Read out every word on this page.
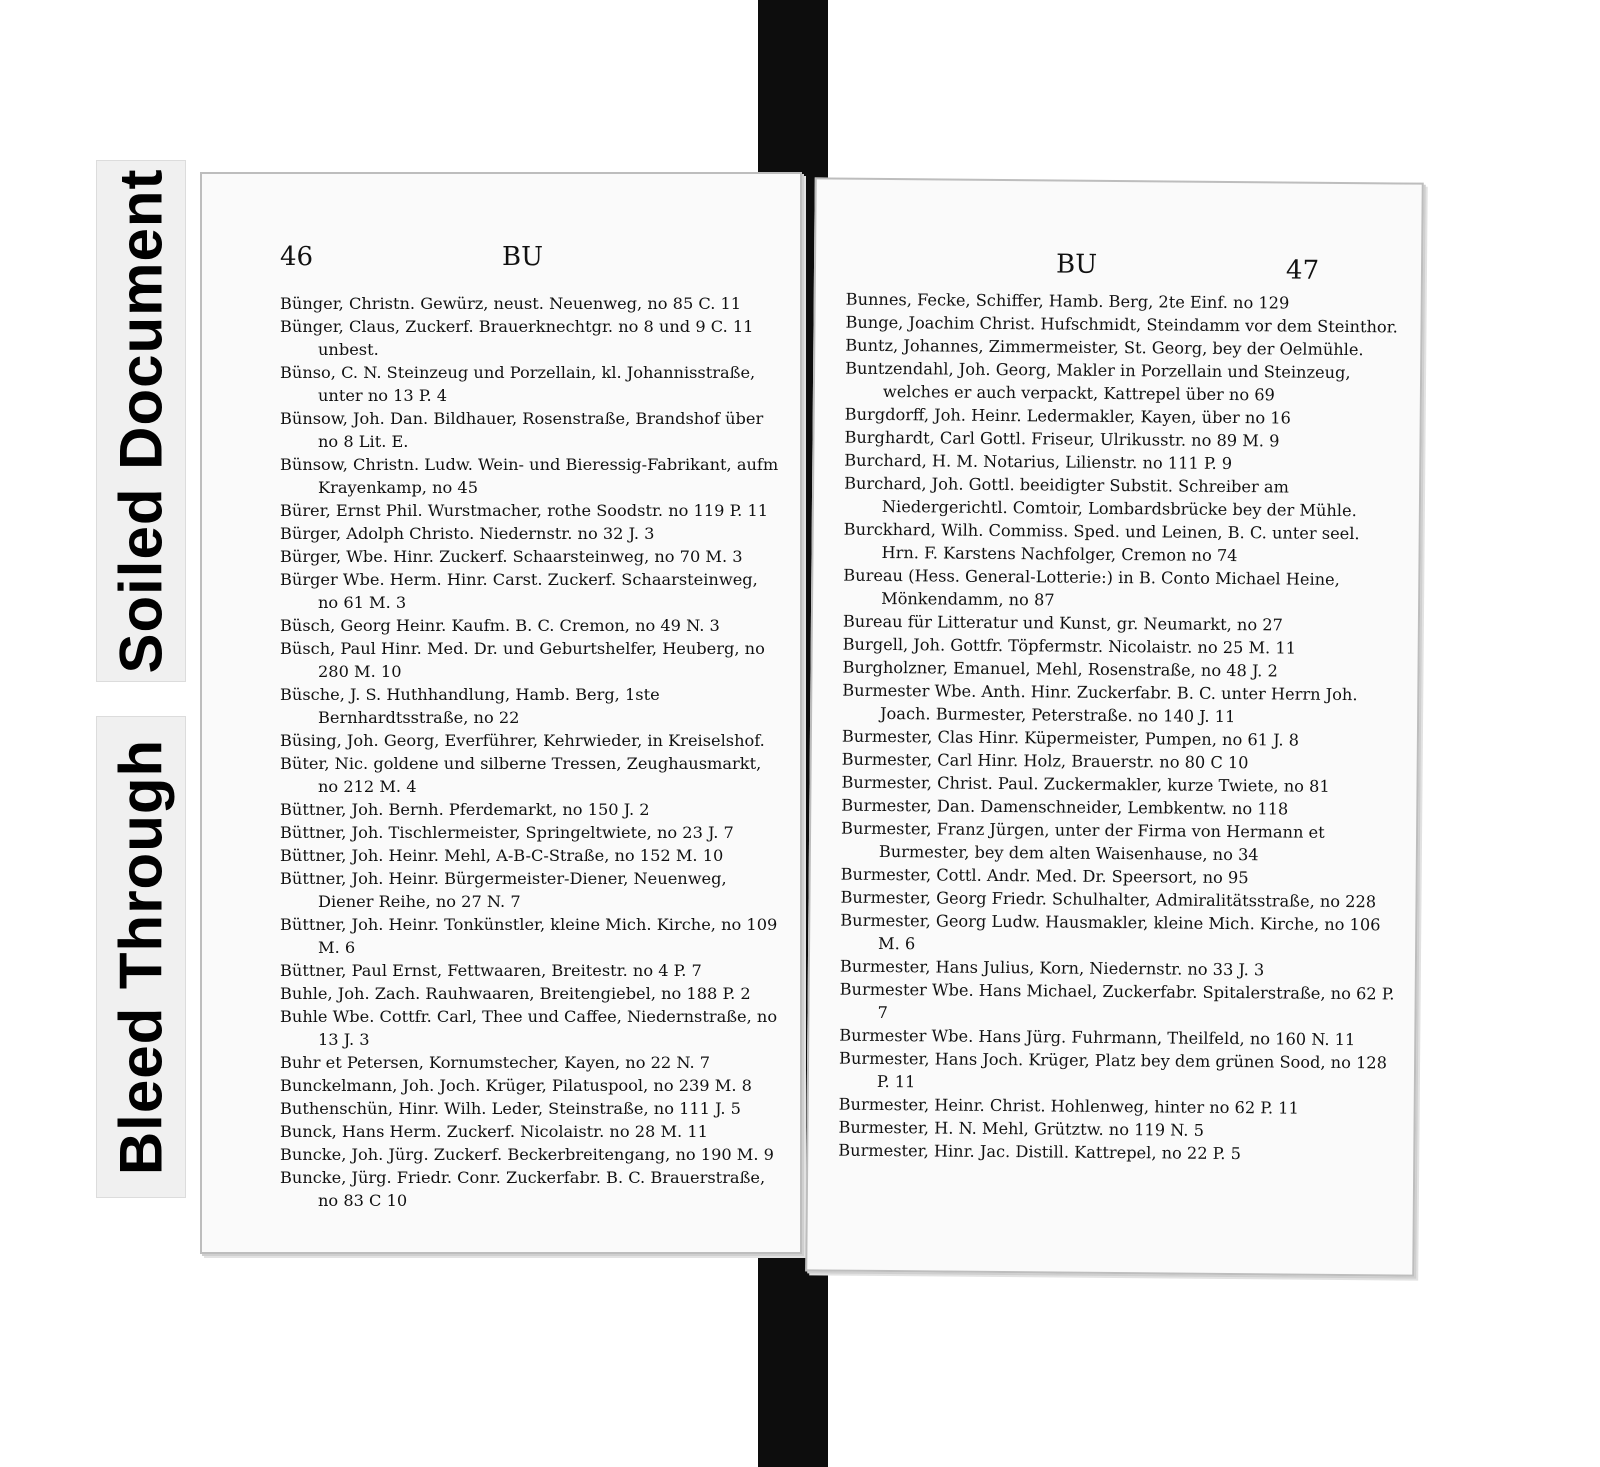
Soiled Document
Bleed Through
46	BU

Bünger, Christn. Gewürz, neust. Neuenweg, no 85 C. 11

Bünger, Claus, Zuckerf. Brauerknechtgr. no 8 und 9 C. 11 unbest.

Bünso, C. N. Steinzeug und Porzellain, kl. Johannisstraße, unter no 13 P. 4

Bünsow, Joh. Dan. Bildhauer, Rosenstraße, Brandshof über no 8 Lit. E.

Bünsow, Christn. Ludw. Wein- und Bieressig-Fabrikant, aufm Krayenkamp, no 45

Bürer, Ernst Phil. Wurstmacher, rothe Soodstr. no 119 P. 11

Bürger, Adolph Christo. Niedernstr. no 32 J. 3

Bürger, Wbe. Hinr. Zuckerf. Schaarsteinweg, no 70 M. 3

Bürger Wbe. Herm. Hinr. Carst. Zuckerf. Schaarsteinweg, no 61 M. 3

Büsch, Georg Heinr. Kaufm. B. C. Cremon, no 49 N. 3

Büsch, Paul Hinr. Med. Dr. und Geburtshelfer, Heuberg, no 280 M. 10

Büsche, J. S. Huthhandlung, Hamb. Berg, 1ste Bernhardtsstraße, no 22

Büsing, Joh. Georg, Everführer, Kehrwieder, in Kreiselshof.

Büter, Nic. goldene und silberne Tressen, Zeughausmarkt, no 212 M. 4

Büttner, Joh. Bernh. Pferdemarkt, no 150 J. 2

Büttner, Joh. Tischlermeister, Springeltwiete, no 23 J. 7

Büttner, Joh. Heinr. Mehl, A-B-C-Straße, no 152 M. 10

Büttner, Joh. Heinr. Bürgermeister-Diener, Neuenweg, Diener Reihe, no 27 N. 7

Büttner, Joh. Heinr. Tonkünstler, kleine Mich. Kirche, no 109 M. 6

Büttner, Paul Ernst, Fettwaaren, Breitestr. no 4 P. 7

Buhle, Joh. Zach. Rauhwaaren, Breitengiebel, no 188 P. 2

Buhle Wbe. Cottfr. Carl, Thee und Caffee, Niedernstraße, no 13 J. 3

Buhr et Petersen, Kornumstecher, Kayen, no 22 N. 7

Bunckelmann, Joh. Joch. Krüger, Pilatuspool, no 239 M. 8

Buthenschün, Hinr. Wilh. Leder, Steinstraße, no 111 J. 5

Bunck, Hans Herm. Zuckerf. Nicolaistr. no 28 M. 11

Buncke, Joh. Jürg. Zuckerf. Beckerbreitengang, no 190 M. 9

Buncke, Jürg. Friedr. Conr. Zuckerfabr. B. C. Brauerstraße, no 83 C 10

BU	47

Bunnes, Fecke, Schiffer, Hamb. Berg, 2te Einf. no 129

Bunge, Joachim Christ. Hufschmidt, Steindamm vor dem Steinthor.

Buntz, Johannes, Zimmermeister, St. Georg, bey der Oelmühle.

Buntzendahl, Joh. Georg, Makler in Porzellain und Steinzeug, welches er auch verpackt, Kattrepel über no 69

Burgdorff, Joh. Heinr. Ledermakler, Kayen, über no 16

Burghardt, Carl Gottl. Friseur, Ulrikusstr. no 89 M. 9

Burchard, H. M. Notarius, Lilienstr. no 111 P. 9

Burchard, Joh. Gottl. beeidigter Substit. Schreiber am Niedergerichtl. Comtoir, Lombardsbrücke bey der Mühle.

Burckhard, Wilh. Commiss. Sped. und Leinen, B. C. unter seel. Hrn. F. Karstens Nachfolger, Cremon no 74

Bureau (Hess. General-Lotterie:) in B. Conto Michael Heine, Mönkendamm, no 87

Bureau für Litteratur und Kunst, gr. Neumarkt, no 27

Burgell, Joh. Gottfr. Töpfermstr. Nicolaistr. no 25 M. 11

Burgholzner, Emanuel, Mehl, Rosenstraße, no 48 J. 2

Burmester Wbe. Anth. Hinr. Zuckerfabr. B. C. unter Herrn Joh. Joach. Burmester, Peterstraße. no 140 J. 11

Burmester, Clas Hinr. Küpermeister, Pumpen, no 61 J. 8

Burmester, Carl Hinr. Holz, Brauerstr. no 80 C 10

Burmester, Christ. Paul. Zuckermakler, kurze Twiete, no 81

Burmester, Dan. Damenschneider, Lembkentw. no 118

Burmester, Franz Jürgen, unter der Firma von Hermann et Burmester, bey dem alten Waisenhause, no 34

Burmester, Cottl. Andr. Med. Dr. Speersort, no 95

Burmester, Georg Friedr. Schulhalter, Admiralitätsstraße, no 228

Burmester, Georg Ludw. Hausmakler, kleine Mich. Kirche, no 106 M. 6

Burmester, Hans Julius, Korn, Niedernstr. no 33 J. 3

Burmester Wbe. Hans Michael, Zuckerfabr. Spitalerstraße, no 62 P. 7

Burmester Wbe. Hans Jürg. Fuhrmann, Theilfeld, no 160 N. 11

Burmester, Hans Joch. Krüger, Platz bey dem grünen Sood, no 128 P. 11

Burmester, Heinr. Christ. Hohlenweg, hinter no 62 P. 11

Burmester, H. N. Mehl, Grütztw. no 119 N. 5

Burmester, Hinr. Jac. Distill. Kattrepel, no 22 P. 5
